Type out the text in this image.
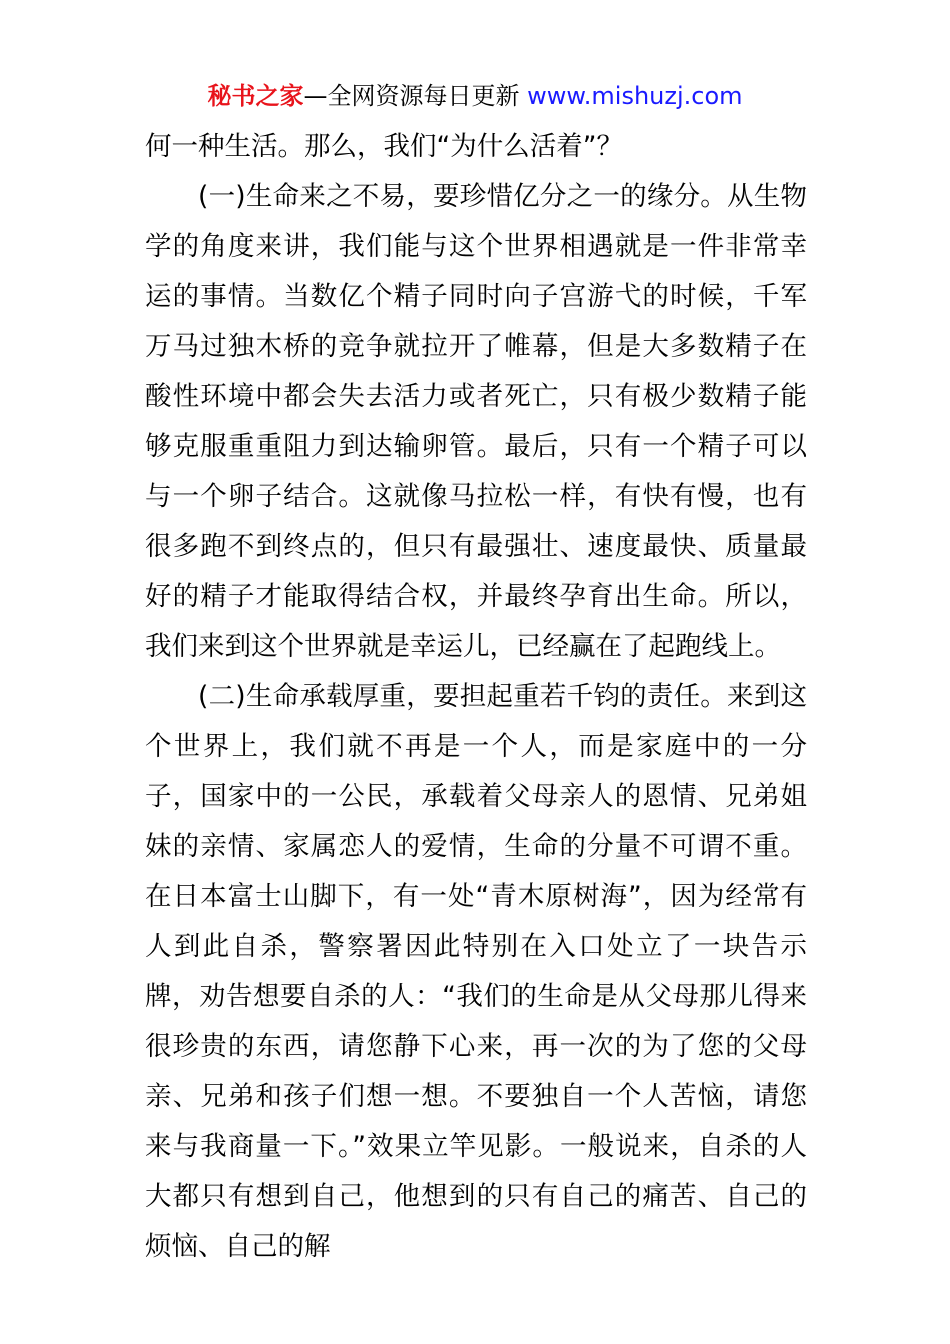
秘书之家—全网资源每日更新 www.mishuzj.com

何一种生活。那么，我们“为什么活着”？

(一)生命来之不易，要珍惜亿分之一的缘分。从生物学的角度来讲，我们能与这个世界相遇就是一件非常幸运的事情。当数亿个精子同时向子宫游弋的时候，千军万马过独木桥的竞争就拉开了帷幕，但是大多数精子在酸性环境中都会失去活力或者死亡，只有极少数精子能够克服重重阻力到达输卵管。最后，只有一个精子可以与一个卵子结合。这就像马拉松一样，有快有慢，也有很多跑不到终点的，但只有最强壮、速度最快、质量最好的精子才能取得结合权，并最终孕育出生命。所以，我们来到这个世界就是幸运儿，已经赢在了起跑线上。

(二)生命承载厚重，要担起重若千钧的责任。来到这个世界上，我们就不再是一个人，而是家庭中的一分子，国家中的一公民，承载着父母亲人的恩情、兄弟姐妹的亲情、家属恋人的爱情，生命的分量不可谓不重。在日本富士山脚下，有一处“青木原树海”，因为经常有人到此自杀，警察署因此特别在入口处立了一块告示牌，劝告想要自杀的人：“我们的生命是从父母那儿得来很珍贵的东西，请您静下心来，再一次的为了您的父母亲、兄弟和孩子们想一想。不要独自一个人苦恼，请您来与我商量一下。”效果立竿见影。一般说来，自杀的人大都只有想到自己，他想到的只有自己的痛苦、自己的烦恼、自己的解
